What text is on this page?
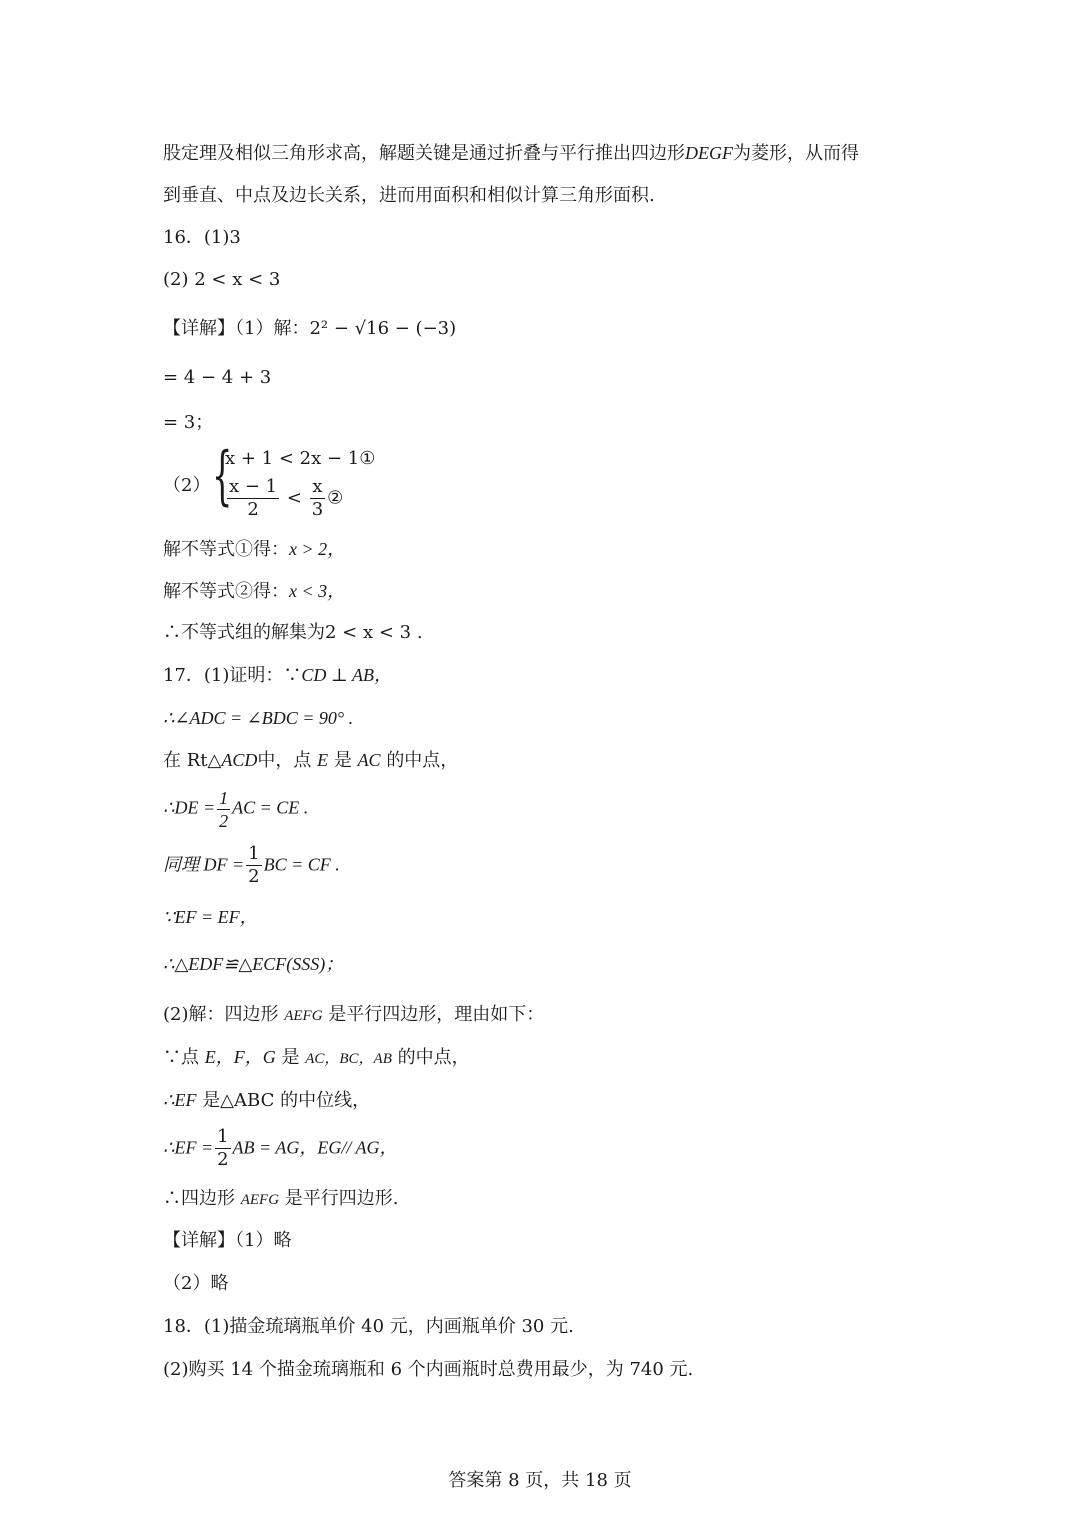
股定理及相似三角形求高，解题关键是通过折叠与平行推出四边形DEGF为菱形，从而得
到垂直、中点及边长关系，进而用面积和相似计算三角形面积.
16．(1)3
(2) 2 < x < 3
【详解】（1）解：2² − √16 − (−3)
= 4 − 4 + 3
= 3；
（2） {
x + 1 < 2x − 1①
$\frac{x - 1}{2} < \frac{x}{3}$ ②
解不等式①得：x > 2，
解不等式②得：x < 3，
∴不等式组的解集为2 < x < 3 .
17．(1)证明：∵CD ⊥ AB，
∴∠ADC = ∠BDC = 90° .
在 Rt△ACD中，点 E 是 AC 的中点，
∴DE = $\frac{1}{2}$ AC = CE .
同理 DF = $\frac{1}{2}$ BC = CF .
∵EF = EF，
∴△EDF≌△ECF(SSS)；
(2)解：四边形 AEFG 是平行四边形，理由如下：
∵点 E，F，G 是 AC，BC，AB 的中点，
∴EF 是△ABC 的中位线，
∴EF = $\frac{1}{2}$ AB = AG，EG// AG，
∴四边形 AEFG 是平行四边形.
【详解】（1）略
（2）略
18．(1)描金琉璃瓶单价 40 元，内画瓶单价 30 元.
(2)购买 14 个描金琉璃瓶和 6 个内画瓶时总费用最少，为 740 元.
答案第 8 页，共 18 页
